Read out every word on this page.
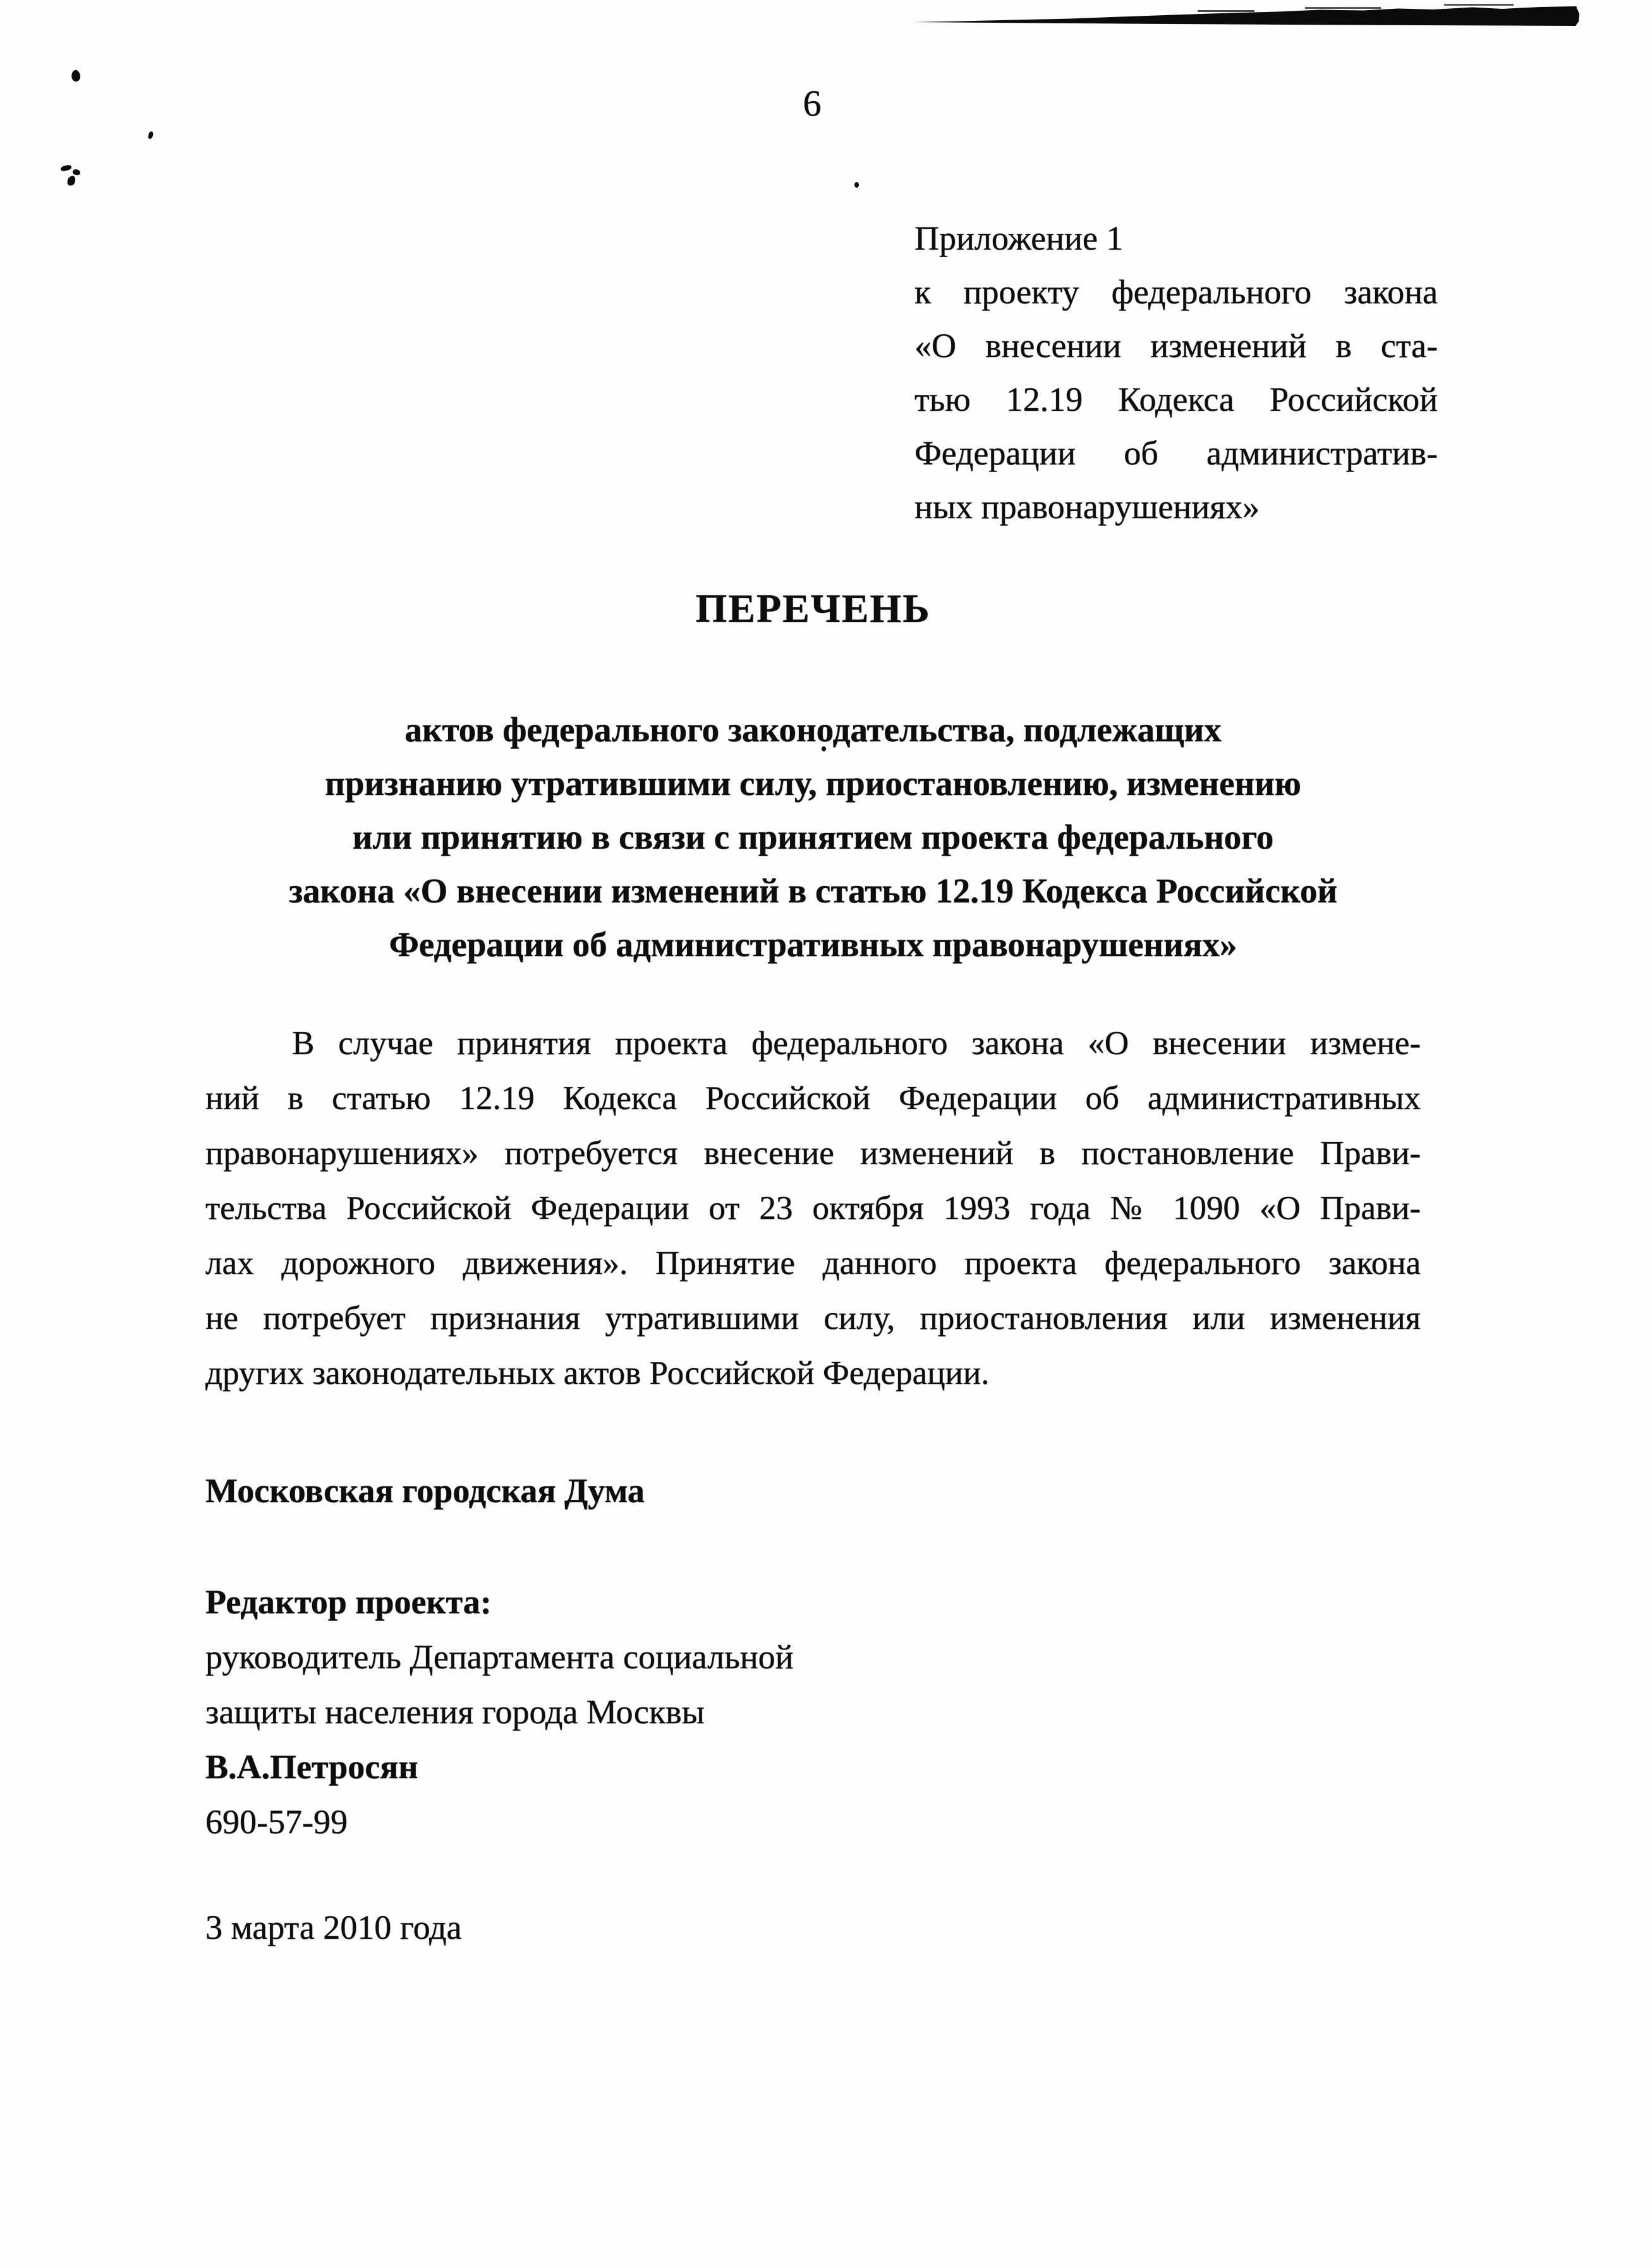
6
Приложение 1
к проекту федерального закона
«О внесении изменений в ста-
тью 12.19 Кодекса Российской
Федерации об административ-
ных правонарушениях»
ПЕРЕЧЕНЬ
актов федерального законодательства, подлежащих
признанию утратившими силу, приостановлению, изменению
или принятию в связи с принятием проекта федерального
закона «О внесении изменений в статью 12.19 Кодекса Российской
Федерации об административных правонарушениях»
В случае принятия проекта федерального закона «О внесении измене-
ний в статью 12.19 Кодекса Российской Федерации об административных
правонарушениях» потребуется внесение изменений в постановление Прави-
тельства Российской Федерации от 23 октября 1993 года № 1090 «О Прави-
лах дорожного движения». Принятие данного проекта федерального закона
не потребует признания утратившими силу, приостановления или изменения
других законодательных актов Российской Федерации.
Московская городская Дума
Редактор проекта:
руководитель Департамента социальной
защиты населения города Москвы
В.А.Петросян
690-57-99
3 марта 2010 года
